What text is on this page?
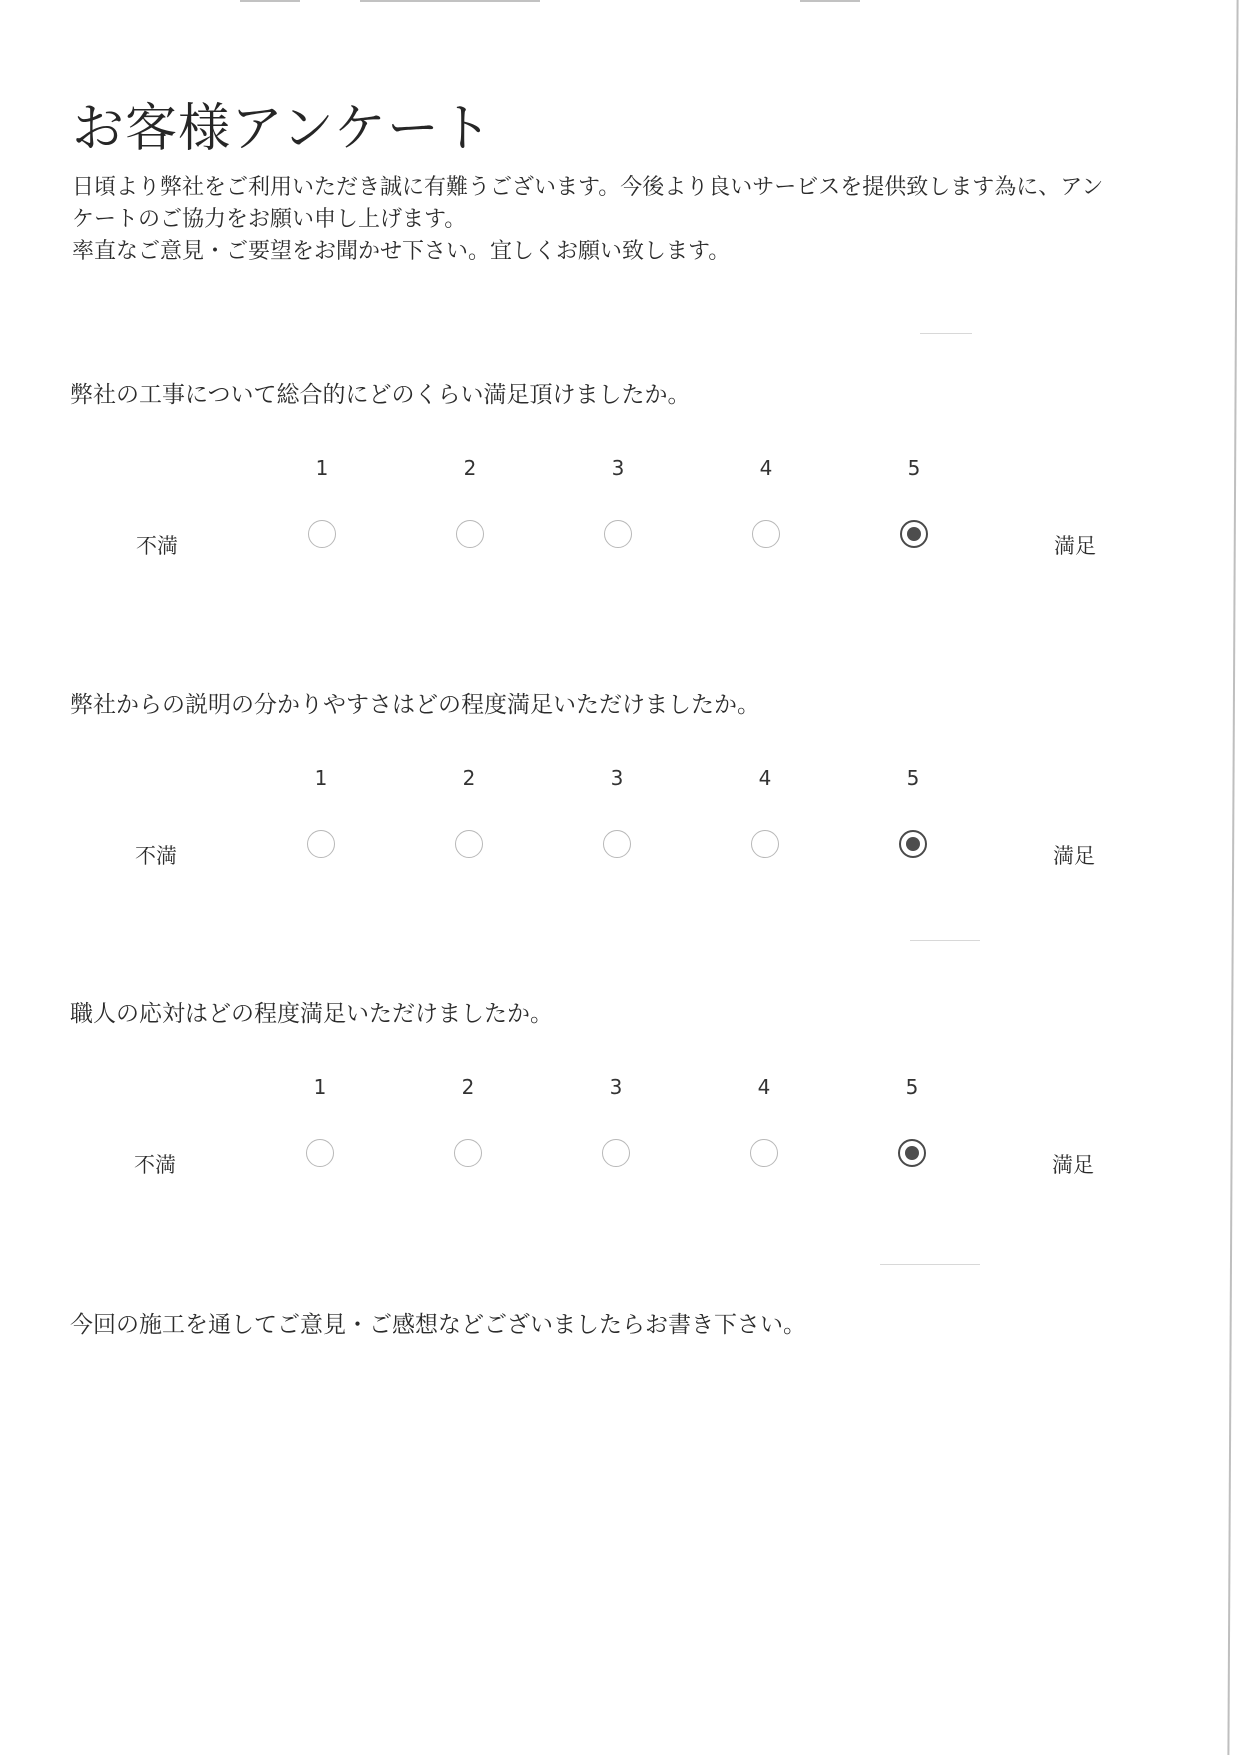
お客様アンケート

日頃より弊社をご利用いただき誠に有難うございます。今後より良いサービスを提供致します為に、アン

ケートのご協力をお願い申し上げます。

率直なご意見・ご要望をお聞かせ下さい。宜しくお願い致します。

弊社の工事について総合的にどのくらい満足頂けましたか。
1	2	3	4	5
不満	満足
弊社からの説明の分かりやすさはどの程度満足いただけましたか。
1	2	3	4	5
不満	満足
職人の応対はどの程度満足いただけましたか。
1	2	3	4	5
不満	満足
今回の施工を通してご意見・ご感想などございましたらお書き下さい。
